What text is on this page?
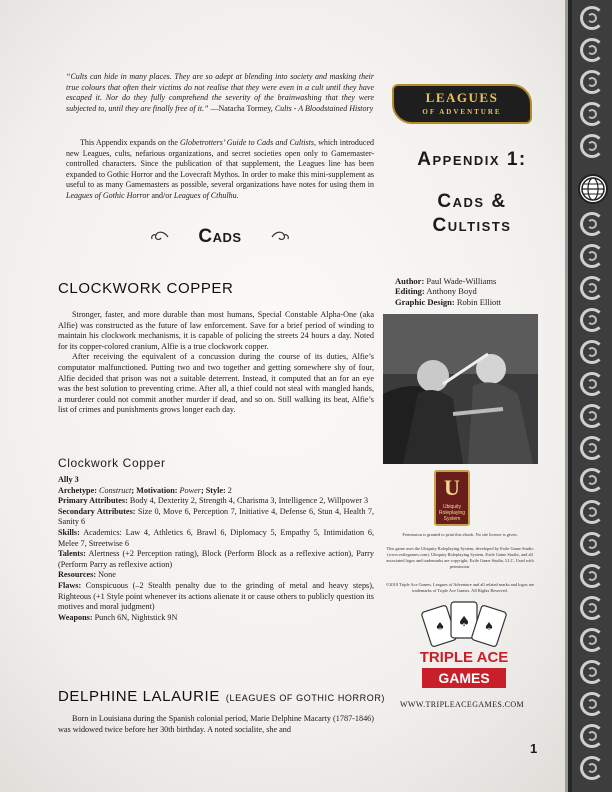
“Cults can hide in many places. They are so adept at blending into society and masking their true colours that often their victims do not realise that they were even in a cult until they have escaped it. Nor do they fully comprehend the severity of the brainwashing that they were subjected to, until they are finally free of it.” —Natacha Tormey, Cults - A Bloodstained History
This Appendix expands on the Globetrotters’ Guide to Cads and Cultists, which introduced new Leagues, cults, nefarious organizations, and secret societies open only to Gamemaster-controlled characters. Since the publication of that supplement, the Leagues line has been expanded to Gothic Horror and the Lovecraft Mythos. In order to make this mini-supplement as useful to as many Gamemasters as possible, several organizations have notes for using them in Leagues of Gothic Horror and/or Leagues of Cthulhu.
Cads
CLOCKWORK COPPER

Stronger, faster, and more durable than most humans, Special Constable Alpha-One (aka Alfie) was constructed as the future of law enforcement. Save for a brief period of winding to maintain his clockwork mechanisms, it is capable of policing the streets 24 hours a day. Noted for its copper-colored cranium, Alfie is a true clockwork copper.

After receiving the equivalent of a concussion during the course of its duties, Alfie’s computator malfunctioned. Putting two and two together and getting somewhere shy of four, Alfie decided that prison was not a suitable deterrent. Instead, it computed that an for an eye was the best solution to preventing crime. After all, a thief could not steal with mangled hands, a murderer could not commit another murder if dead, and so on. Still walking its beat, Alfie’s list of crimes and punishments grows longer each day.

Clockwork Copper
Ally 3
Archetype: Construct; Motivation: Power; Style: 2
Primary Attributes: Body 4, Dexterity 2, Strength 4, Charisma 3, Intelligence 2, Willpower 3
Secondary Attributes: Size 0, Move 6, Perception 7, Initiative 4, Defense 6, Stun 4, Health 7, Sanity 6
Skills: Academics: Law 4, Athletics 6, Brawl 6, Diplomacy 5, Empathy 5, Intimidation 6, Melee 7, Streetwise 6
Talents: Alertness (+2 Perception rating), Block (Perform Block as a reflexive action), Parry (Perform Parry as reflexive action)
Resources: None
Flaws: Conspicuous (–2 Stealth penalty due to the grinding of metal and heavy steps), Righteous (+1 Style point whenever its actions alienate it or cause others to publicly question its motives and moral judgment)
Weapons: Punch 6N, Nightstick 9N
DELPHINE LALAURIE (LEAGUES OF GOTHIC HORROR)

Born in Louisiana during the Spanish colonial period, Marie Delphine Macarty (1787-1846) was widowed twice before her 30th birthday. A noted socialite, she and

LEAGUES
OF ADVENTURE
Appendix 1:
Cads &
Cultists
Author: Paul Wade-Williams
Editing: Anthony Boyd
Graphic Design: Robin Elliott
U
Ubiquity
Roleplaying System
Permission is granted to print this ebook. No site licence is given.
This game uses the Ubiquity Roleplaying System, developed by Exile Game Studio (www.exilegames.com). Ubiquity Roleplaying System, Exile Game Studio, and all associated logos and trademarks are copyright, Exile Game Studio, LLC. Used with permission.
©2018 Triple Ace Games. Leagues of Adventure and all related marks and logos are trademarks of Triple Ace Games. All Rights Reserved.
♠
♠	♠
TRIPLE ACE
GAMES
WWW.TRIPLEACEGAMES.COM
1
